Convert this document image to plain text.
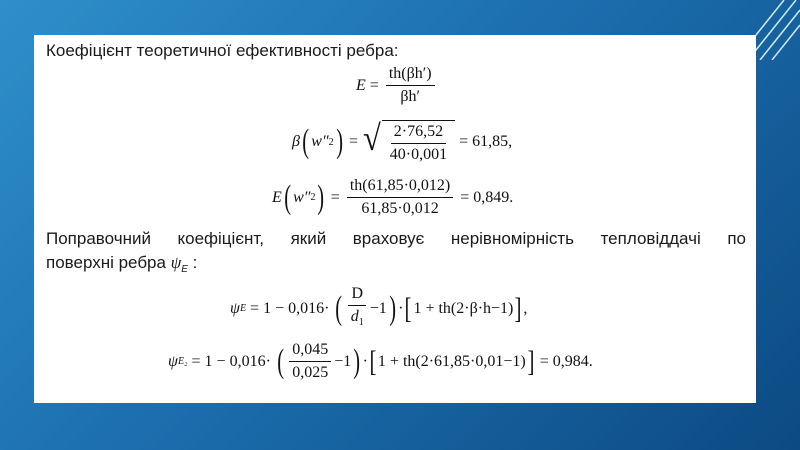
Коефіцієнт теоретичної ефективності ребра:

$E = \frac{th(\beta h')}{\beta h'}$
β ( w″ 2 ) = √ $\frac{2\cdot 76,52}{40\cdot 0,001} = 61,85$,
E ( w″ 2 ) = $\frac{th(61,85\cdot 0,012)}{61,85\cdot 0,012} = 0,849$.

Поправочний коефіцієнт, який враховує нерівномірність тепловіддачі по

поверхні ребра $\psi_E$ :

ψ E = 1 − 0,016· ( $\frac{D}{d_1} -1$ ) · [ 1 + th(2·β·h−1) ] ,
ψ E₂ = 1 − 0,016· ( $\frac{0,045}{0,025} -1$ ) · [ 1 + th(2·61,85·0,01−1) ] = 0,984.
